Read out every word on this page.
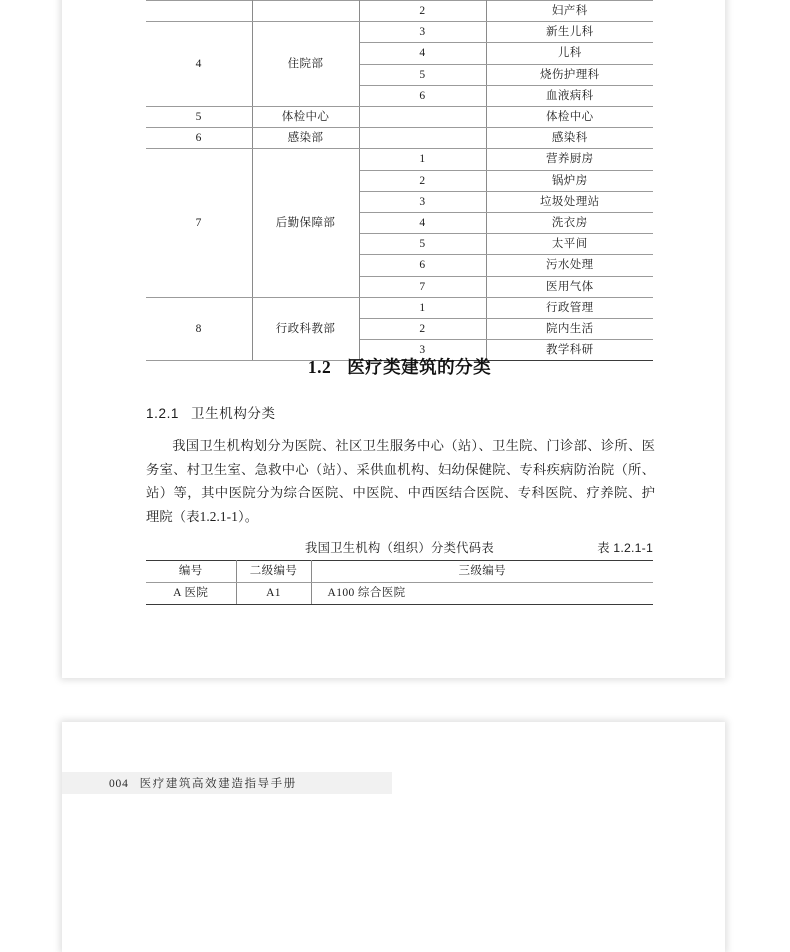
		2	妇产科
4	住院部	3	新生儿科
		4	儿科
		5	烧伤护理科
		6	血液病科
5	体检中心		体检中心
6	感染部		感染科
7	后勤保障部	1	营养厨房
		2	锅炉房
		3	垃圾处理站
		4	洗衣房
		5	太平间
		6	污水处理
		7	医用气体
8	行政科教部	1	行政管理
		2	院内生活
		3	教学科研
1.2 医疗类建筑的分类
1.2.1 卫生机构分类
我国卫生机构划分为医院、社区卫生服务中心（站）、卫生院、门诊部、诊所、医务室、村卫生室、急救中心（站）、采供血机构、妇幼保健院、专科疾病防治院（所、站）等，其中医院分为综合医院、中医院、中西医结合医院、专科医院、疗养院、护理院（表1.2.1-1）。
我国卫生机构（组织）分类代码表	表 1.2.1-1
编号	二级编号	三级编号
A 医院	A1	A100 综合医院
004 医疗建筑高效建造指导手册
